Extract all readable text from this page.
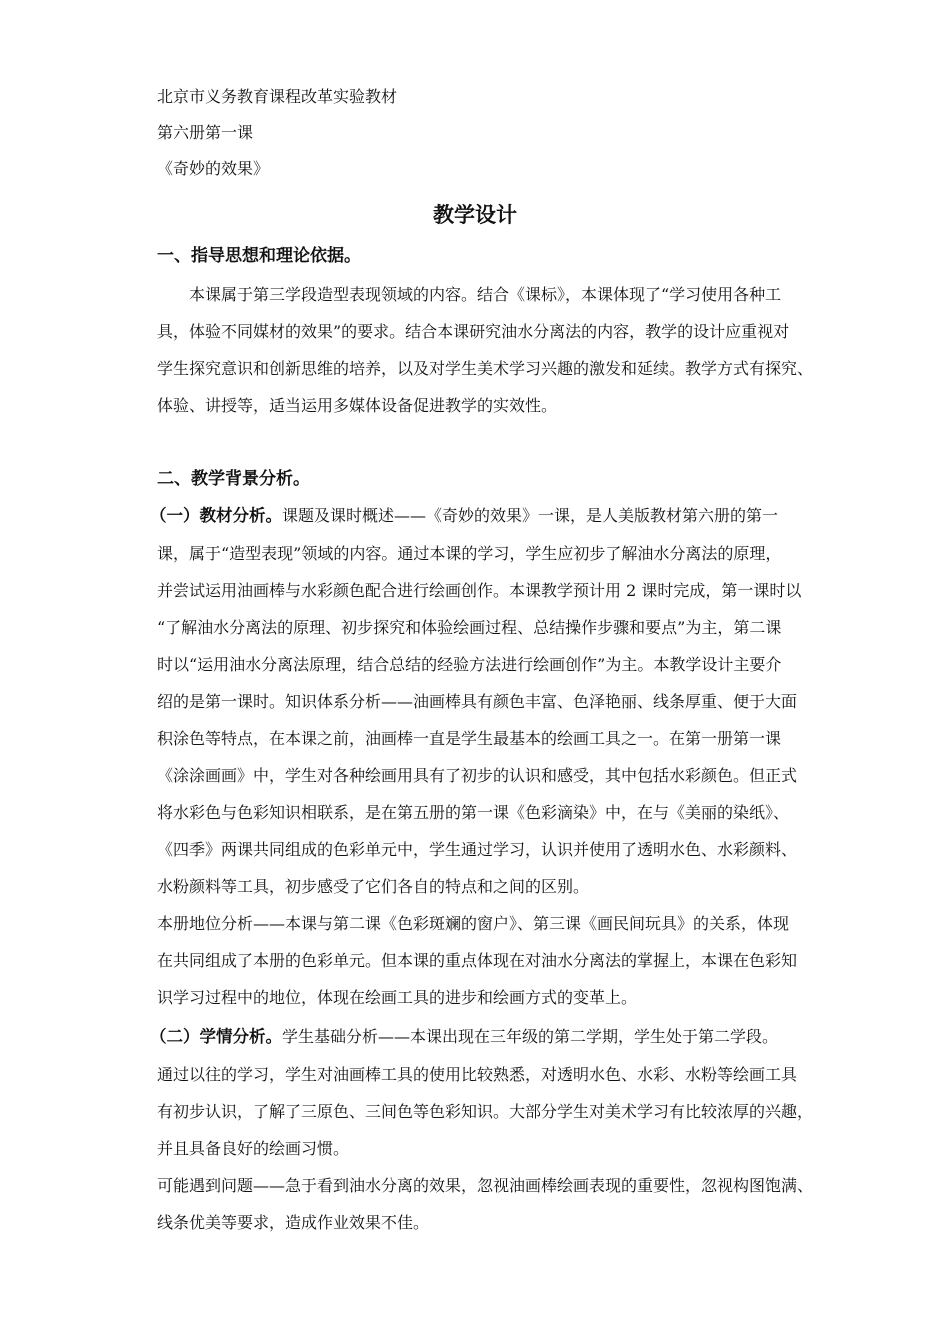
北京市义务教育课程改革实验教材
第六册第一课
《奇妙的效果》
教学设计
一、指导思想和理论依据。
本课属于第三学段造型表现领域的内容。结合《课标》，本课体现了“学习使用各种工
具，体验不同媒材的效果”的要求。结合本课研究油水分离法的内容，教学的设计应重视对
学生探究意识和创新思维的培养，以及对学生美术学习兴趣的激发和延续。教学方式有探究、
体验、讲授等，适当运用多媒体设备促进教学的实效性。
二、教学背景分析。
（一）教材分析。课题及课时概述——《奇妙的效果》一课，是人美版教材第六册的第一
课，属于“造型表现”领域的内容。通过本课的学习，学生应初步了解油水分离法的原理，
并尝试运用油画棒与水彩颜色配合进行绘画创作。本课教学预计用 2 课时完成，第一课时以
“了解油水分离法的原理、初步探究和体验绘画过程、总结操作步骤和要点”为主，第二课
时以“运用油水分离法原理，结合总结的经验方法进行绘画创作”为主。本教学设计主要介
绍的是第一课时。知识体系分析——油画棒具有颜色丰富、色泽艳丽、线条厚重、便于大面
积涂色等特点，在本课之前，油画棒一直是学生最基本的绘画工具之一。在第一册第一课
《涂涂画画》中，学生对各种绘画用具有了初步的认识和感受，其中包括水彩颜色。但正式
将水彩色与色彩知识相联系，是在第五册的第一课《色彩滴染》中，在与《美丽的染纸》、
《四季》两课共同组成的色彩单元中，学生通过学习，认识并使用了透明水色、水彩颜料、
水粉颜料等工具，初步感受了它们各自的特点和之间的区别。
本册地位分析——本课与第二课《色彩斑斓的窗户》、第三课《画民间玩具》的关系，体现
在共同组成了本册的色彩单元。但本课的重点体现在对油水分离法的掌握上，本课在色彩知
识学习过程中的地位，体现在绘画工具的进步和绘画方式的变革上。
（二）学情分析。学生基础分析——本课出现在三年级的第二学期，学生处于第二学段。
通过以往的学习，学生对油画棒工具的使用比较熟悉，对透明水色、水彩、水粉等绘画工具
有初步认识，了解了三原色、三间色等色彩知识。大部分学生对美术学习有比较浓厚的兴趣，
并且具备良好的绘画习惯。
可能遇到问题——急于看到油水分离的效果，忽视油画棒绘画表现的重要性，忽视构图饱满、
线条优美等要求，造成作业效果不佳。
